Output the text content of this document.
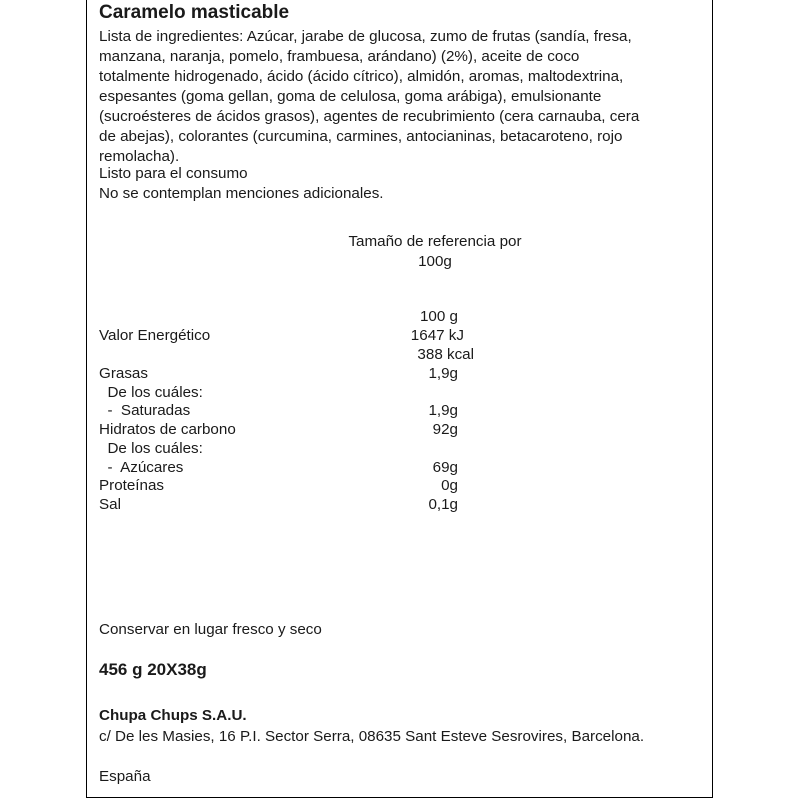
Caramelo masticable
Lista de ingredientes: Azúcar, jarabe de glucosa, zumo de frutas (sandía, fresa,
manzana, naranja, pomelo, frambuesa, arándano) (2%), aceite de coco
totalmente hidrogenado, ácido (ácido cítrico), almidón, aromas, maltodextrina,
espesantes (goma gellan, goma de celulosa, goma arábiga), emulsionante
(sucroésteres de ácidos grasos), agentes de recubrimiento (cera carnauba, cera
de abejas), colorantes (curcumina, carmines, antocianinas, betacaroteno, rojo
remolacha).
Listo para el consumo
No se contemplan menciones adicionales.
Tamaño de referencia por
100g
100 g
Valor Energético	1647 kJ
388 kcal
Grasas	1,9g
De los cuáles:
-  Saturadas	1,9g
Hidratos de carbono	92g
De los cuáles:
-  Azúcares	69g
Proteínas	0g
Sal	0,1g
Conservar en lugar fresco y seco
456 g 20X38g
Chupa Chups S.A.U.
c/ De les Masies, 16 P.I. Sector Serra, 08635 Sant Esteve Sesrovires, Barcelona.
España
